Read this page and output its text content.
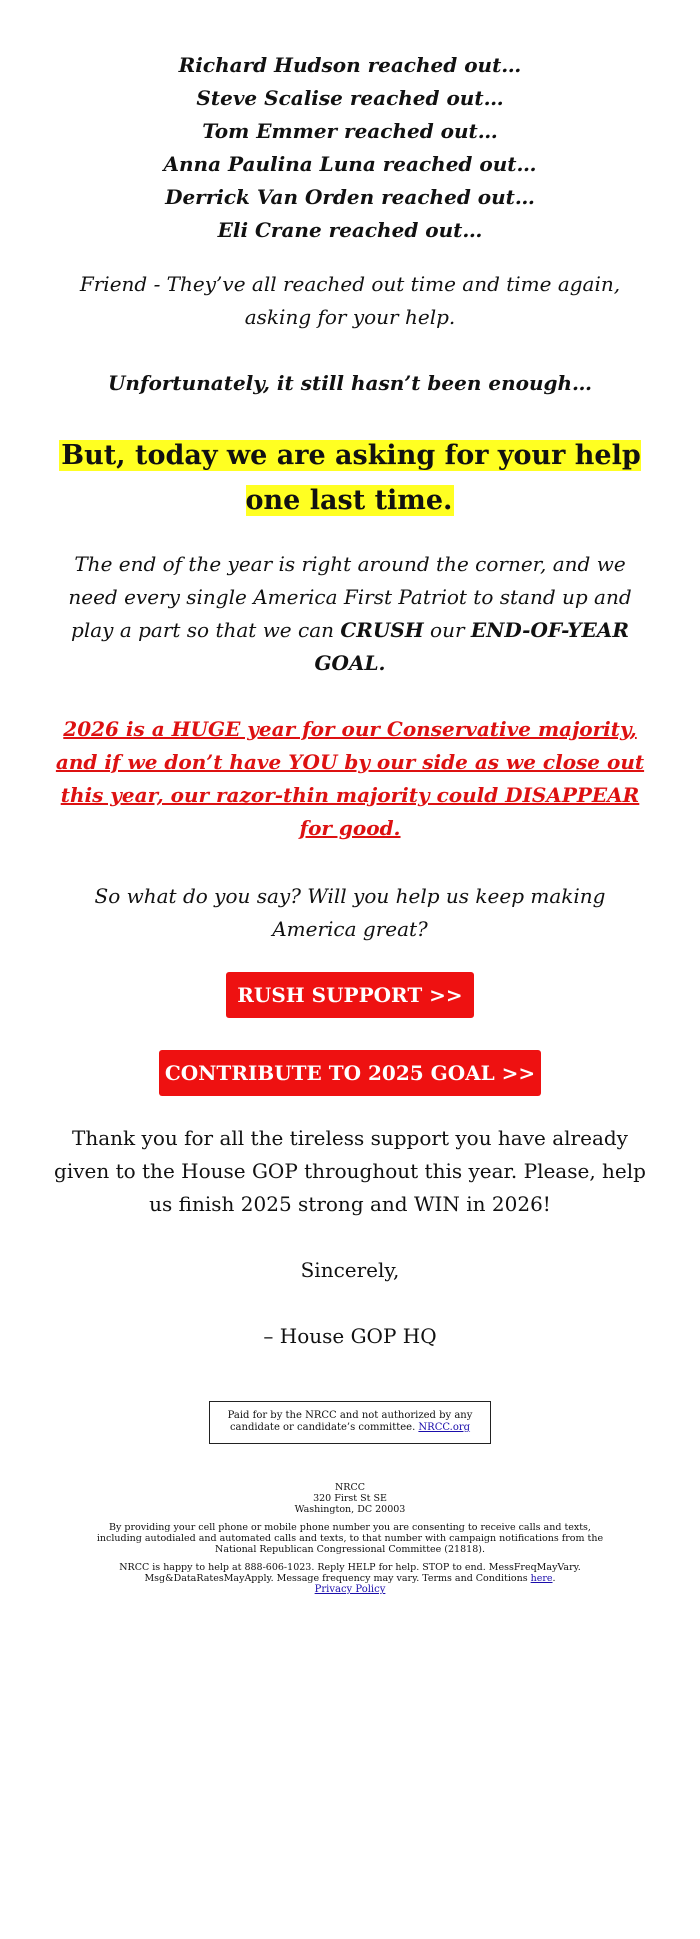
Richard Hudson reached out…

Steve Scalise reached out…

Tom Emmer reached out…

Anna Paulina Luna reached out…

Derrick Van Orden reached out…

Eli Crane reached out…

Friend - They’ve all reached out time and time again, asking for your help.

Unfortunately, it still hasn’t been enough…

But, today we are asking for your help one last time.

The end of the year is right around the corner, and we need every single America First Patriot to stand up and play a part so that we can CRUSH our END-OF-YEAR GOAL.

2026 is a HUGE year for our Conservative majority, and if we don’t have YOU by our side as we close out this year, our razor-thin majority could DISAPPEAR for good.

So what do you say? Will you help us keep making America great?

RUSH SUPPORT >>
CONTRIBUTE TO 2025 GOAL >>

Thank you for all the tireless support you have already given to the House GOP throughout this year. Please, help us finish 2025 strong and WIN in 2026!

Sincerely,

– House GOP HQ

Paid for by the NRCC and not authorized by any candidate or candidate’s committee. NRCC.org

NRCC

320 First St SE

Washington, DC 20003

By providing your cell phone or mobile phone number you are consenting to receive calls and texts, including autodialed and automated calls and texts, to that number with campaign notifications from the National Republican Congressional Committee (21818).

NRCC is happy to help at 888-606-1023. Reply HELP for help. STOP to end. MessFreqMayVary. Msg&DataRatesMayApply. Message frequency may vary. Terms and Conditions here.

Privacy Policy
